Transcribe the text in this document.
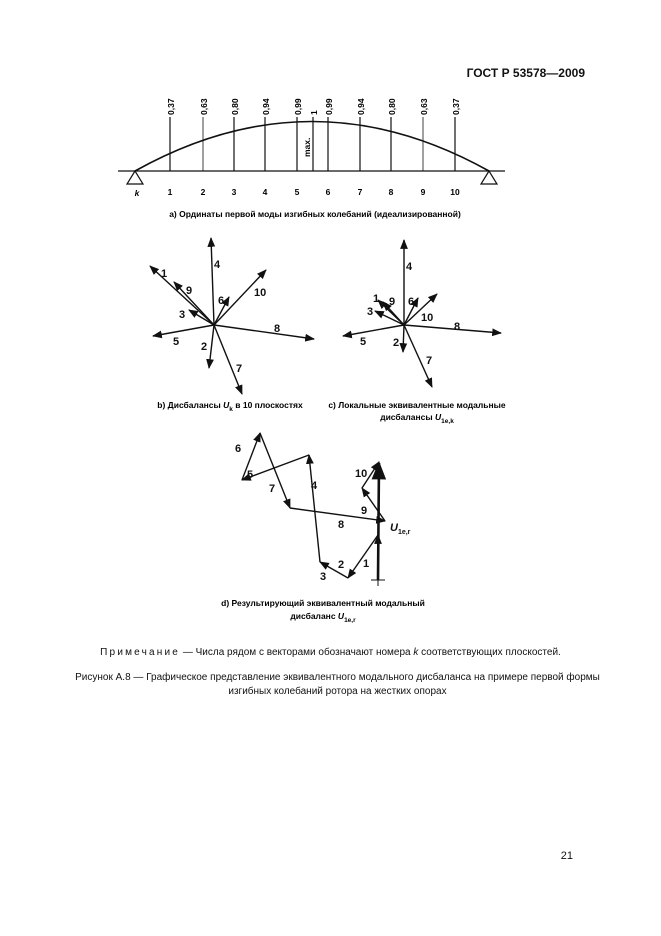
ГОСТ Р 53578—2009
0,37	0,63 0,80 0,94	0,99 1 0,99	0,94 0,80	0,63	0,37
max.
1	2	3	4	5	6	7	8	9	10
k
а) Ординаты первой моды изгибных колебаний (идеализированной)
1
2
3
4
5
6
7
8
9	10
b) Дисбалансы $U_k$ в 10 плоскостях
1
2
3
4
5
6
7
8
9
10
c) Локальные эквивалентные модальные
дисбалансы $U_{1e,k}$
1
2
3
4
5
6
7
8
9
10
$U_{1e,r}$
d) Результирующий эквивалентный модальный
дисбаланс $U_{1e,r}$
Примечание — Числа рядом с векторами обозначают номера k соответствующих плоскостей.
Рисунок А.8 — Графическое представление эквивалентного модального дисбаланса на примере первой формы
изгибных колебаний ротора на жестких опорах
21
